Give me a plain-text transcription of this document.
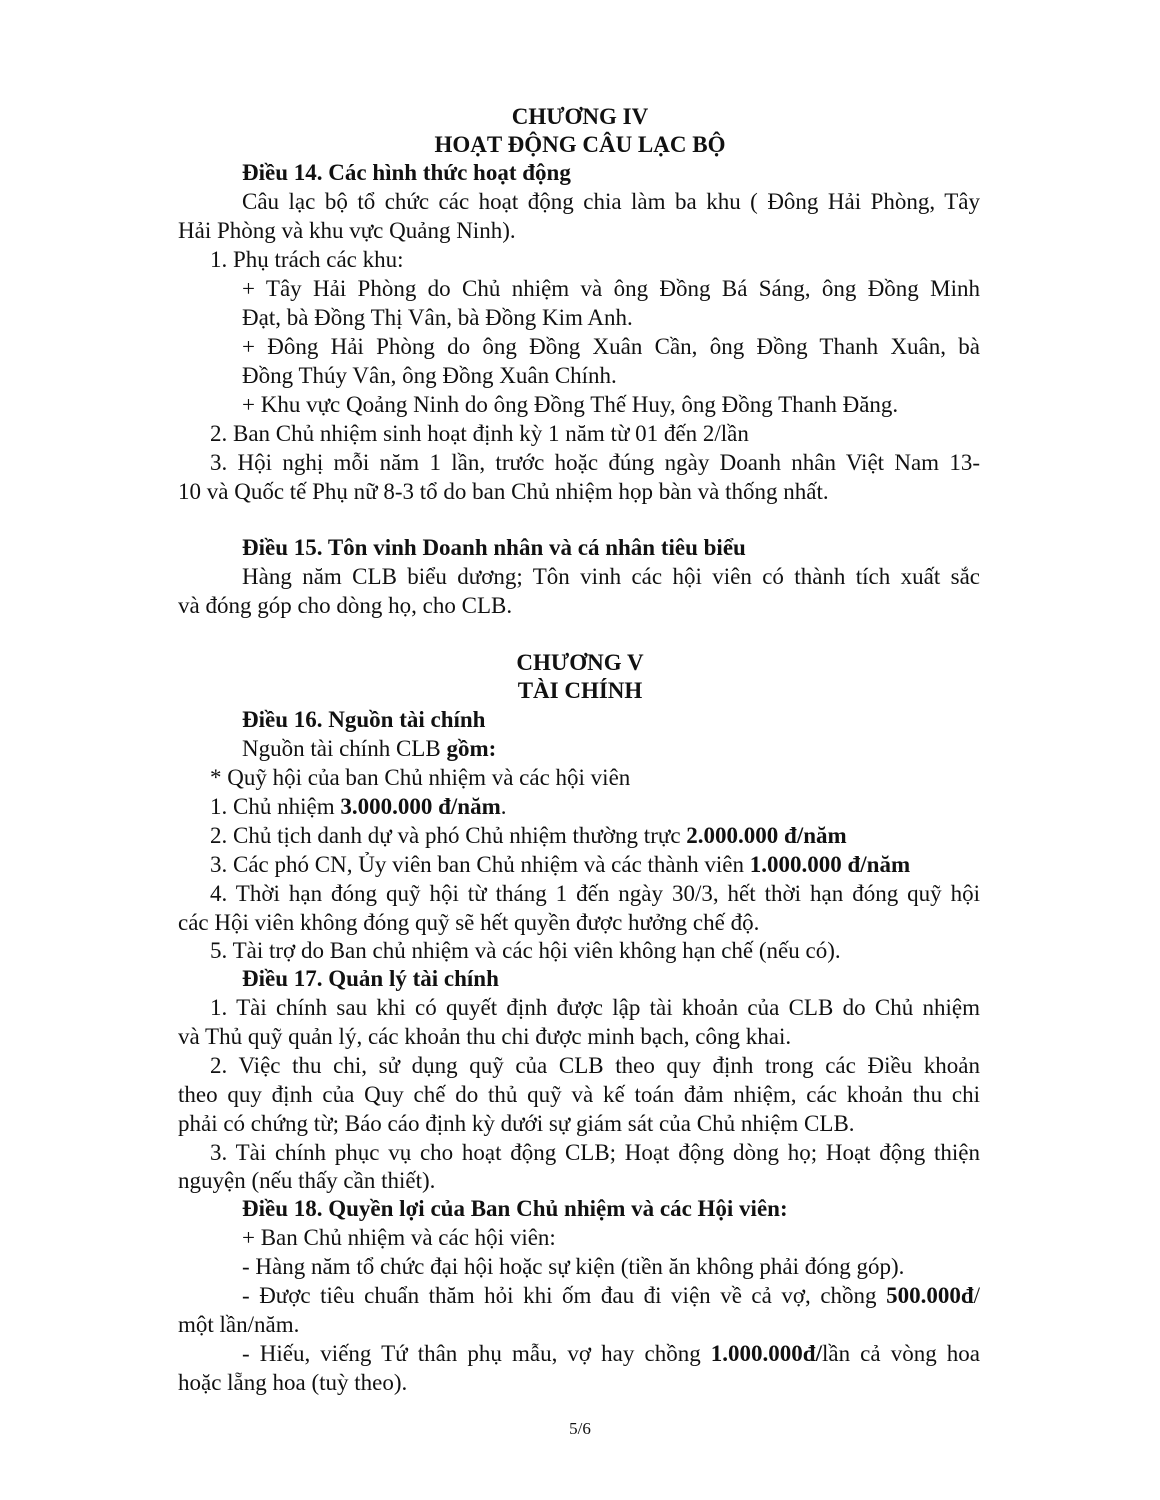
CHƯƠNG IV
HOẠT ĐỘNG CÂU LẠC BỘ
Điều 14. Các hình thức hoạt động
Câu lạc bộ tổ chức các hoạt động chia làm ba khu ( Đông Hải Phòng, Tây
Hải Phòng và khu vực Quảng Ninh).
1. Phụ trách các khu:
+ Tây Hải Phòng do Chủ nhiệm và ông Đồng Bá Sáng, ông Đồng Minh
Đạt, bà Đồng Thị Vân, bà Đồng Kim Anh.
+ Đông Hải Phòng do ông Đồng Xuân Cần, ông Đồng Thanh Xuân, bà
Đồng Thúy Vân, ông Đồng Xuân Chính.
+ Khu vực Qoảng Ninh do ông Đồng Thế Huy, ông Đồng Thanh Đăng.
2. Ban Chủ nhiệm sinh hoạt định kỳ 1 năm từ 01 đến 2/lần
3. Hội nghị mỗi năm 1 lần, trước hoặc đúng ngày Doanh nhân Việt Nam 13-
10 và Quốc tế Phụ nữ 8-3 tổ do ban Chủ nhiệm họp bàn và thống nhất.
Điều 15. Tôn vinh Doanh nhân và cá nhân tiêu biểu
Hàng năm CLB biểu dương; Tôn vinh các hội viên có thành tích xuất sắc
và đóng góp cho dòng họ, cho CLB.
CHƯƠNG V
TÀI CHÍNH
Điều 16. Nguồn tài chính
Nguồn tài chính CLB gồm:
* Quỹ hội của ban Chủ nhiệm và các hội viên
1. Chủ nhiệm 3.000.000 đ/năm.
2. Chủ tịch danh dự và phó Chủ nhiệm thường trực 2.000.000 đ/năm
3. Các phó CN, Ủy viên ban Chủ nhiệm và các thành viên 1.000.000 đ/năm
4. Thời hạn đóng quỹ hội từ tháng 1 đến ngày 30/3, hết thời hạn đóng quỹ hội
các Hội viên không đóng quỹ sẽ hết quyền được hưởng chế độ.
5. Tài trợ do Ban chủ nhiệm và các hội viên không hạn chế (nếu có).
Điều 17. Quản lý tài chính
1. Tài chính sau khi có quyết định được lập tài khoản của CLB do Chủ nhiệm
và Thủ quỹ quản lý, các khoản thu chi được minh bạch, công khai.
2. Việc thu chi, sử dụng quỹ của CLB theo quy định trong các Điều khoản
theo quy định của Quy chế do thủ quỹ và kế toán đảm nhiệm, các khoản thu chi
phải có chứng từ; Báo cáo định kỳ dưới sự giám sát của Chủ nhiệm CLB.
3. Tài chính phục vụ cho hoạt động CLB; Hoạt động dòng họ; Hoạt động thiện
nguyện (nếu thấy cần thiết).
Điều 18. Quyền lợi của Ban Chủ nhiệm và các Hội viên:
+ Ban Chủ nhiệm và các hội viên:
- Hàng năm tổ chức đại hội hoặc sự kiện (tiền ăn không phải đóng góp).
- Được tiêu chuẩn thăm hỏi khi ốm đau đi viện về cả vợ, chồng 500.000đ/
một lần/năm.
- Hiếu, viếng Tứ thân phụ mẫu, vợ hay chồng 1.000.000đ/lần cả vòng hoa
hoặc lẵng hoa (tuỳ theo).
5/6
